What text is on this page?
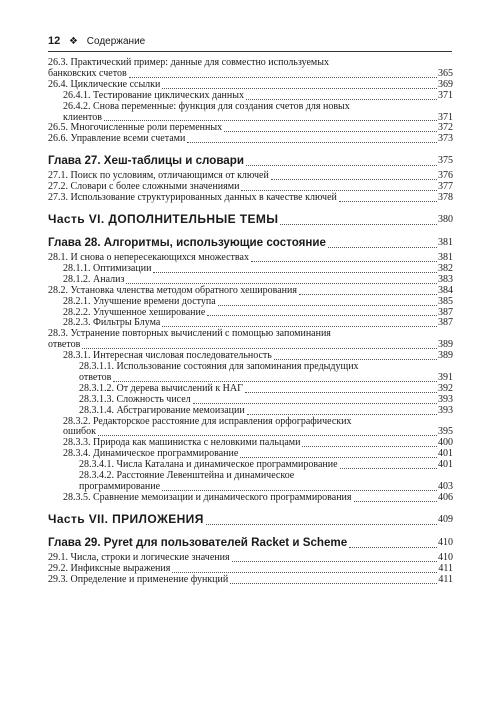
12 ❖ Содержание
26.3. Практический пример: данные для совместно используемых
банковских счетов	365
26.4. Циклические ссылки	369
26.4.1. Тестирование циклических данных	371
26.4.2. Снова переменные: функция для создания счетов для новых
клиентов	371
26.5. Многочисленные роли переменных	372
26.6. Управление всеми счетами	373
Глава 27. Хеш-таблицы и словари	375
27.1. Поиск по условиям, отличающимся от ключей	376
27.2. Словари с более сложными значениями	377
27.3. Использование структурированных данных в качестве ключей	378
Часть VI. ДОПОЛНИТЕЛЬНЫЕ ТЕМЫ	380
Глава 28. Алгоритмы, использующие состояние	381
28.1. И снова о непересекающихся множествах	381
28.1.1. Оптимизации	382
28.1.2. Анализ	383
28.2. Установка членства методом обратного хеширования	384
28.2.1. Улучшение времени доступа	385
28.2.2. Улучшенное хеширование	387
28.2.3. Фильтры Блума	387
28.3. Устранение повторных вычислений с помощью запоминания
ответов	389
28.3.1. Интересная числовая последовательность	389
28.3.1.1. Использование состояния для запоминания предыдущих
ответов	391
28.3.1.2. От дерева вычислений к НАГ	392
28.3.1.3. Сложность чисел	393
28.3.1.4. Абстрагирование мемоизации	393
28.3.2. Редакторское расстояние для исправления орфографических
ошибок	395
28.3.3. Природа как машинистка с неловкими пальцами	400
28.3.4. Динамическое программирование	401
28.3.4.1. Числа Каталана и динамическое программирование	401
28.3.4.2. Расстояние Левенштейна и динамическое
программирование	403
28.3.5. Сравнение мемоизации и динамического программирования	406
Часть VII. ПРИЛОЖЕНИЯ	409
Глава 29. Pyret для пользователей Racket и Scheme	410
29.1. Числа, строки и логические значения	410
29.2. Инфиксные выражения	411
29.3. Определение и применение функций	411
